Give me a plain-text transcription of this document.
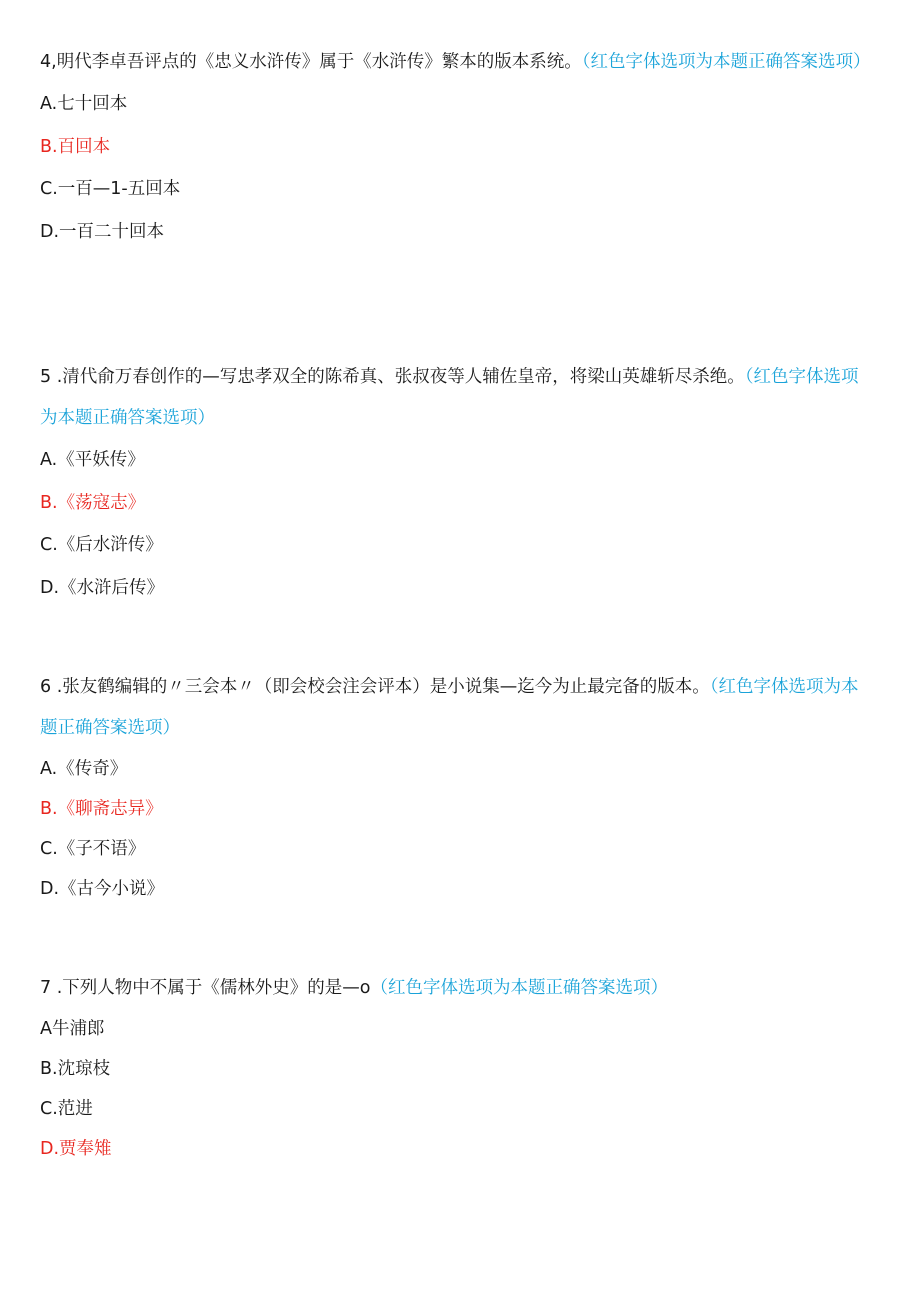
4,明代李卓吾评点的《忠义水浒传》属于《水浒传》繁本的版本系统。（红色字体选项为本题正确答案选项）

A.七十回本

B.百回本

C.一百—1-五回本

D.一百二十回本

5 .清代俞万春创作的—写忠孝双全的陈希真、张叔夜等人辅佐皇帝，将梁山英雄斩尽杀绝。（红色字体选项为本题正确答案选项）

A.《平妖传》

B.《荡寇志》

C.《后水浒传》

D.《水浒后传》

6 .张友鹤编辑的〃三会本〃（即会校会注会评本）是小说集—迄今为止最完备的版本。（红色字体选项为本题正确答案选项）

A.《传奇》

B.《聊斋志异》

C.《子不语》

D.《古今小说》

7 .下列人物中不属于《儒林外史》的是—o（红色字体选项为本题正确答案选项）

A牛浦郎

B.沈琼枝

C.范进

D.贾奉雉
